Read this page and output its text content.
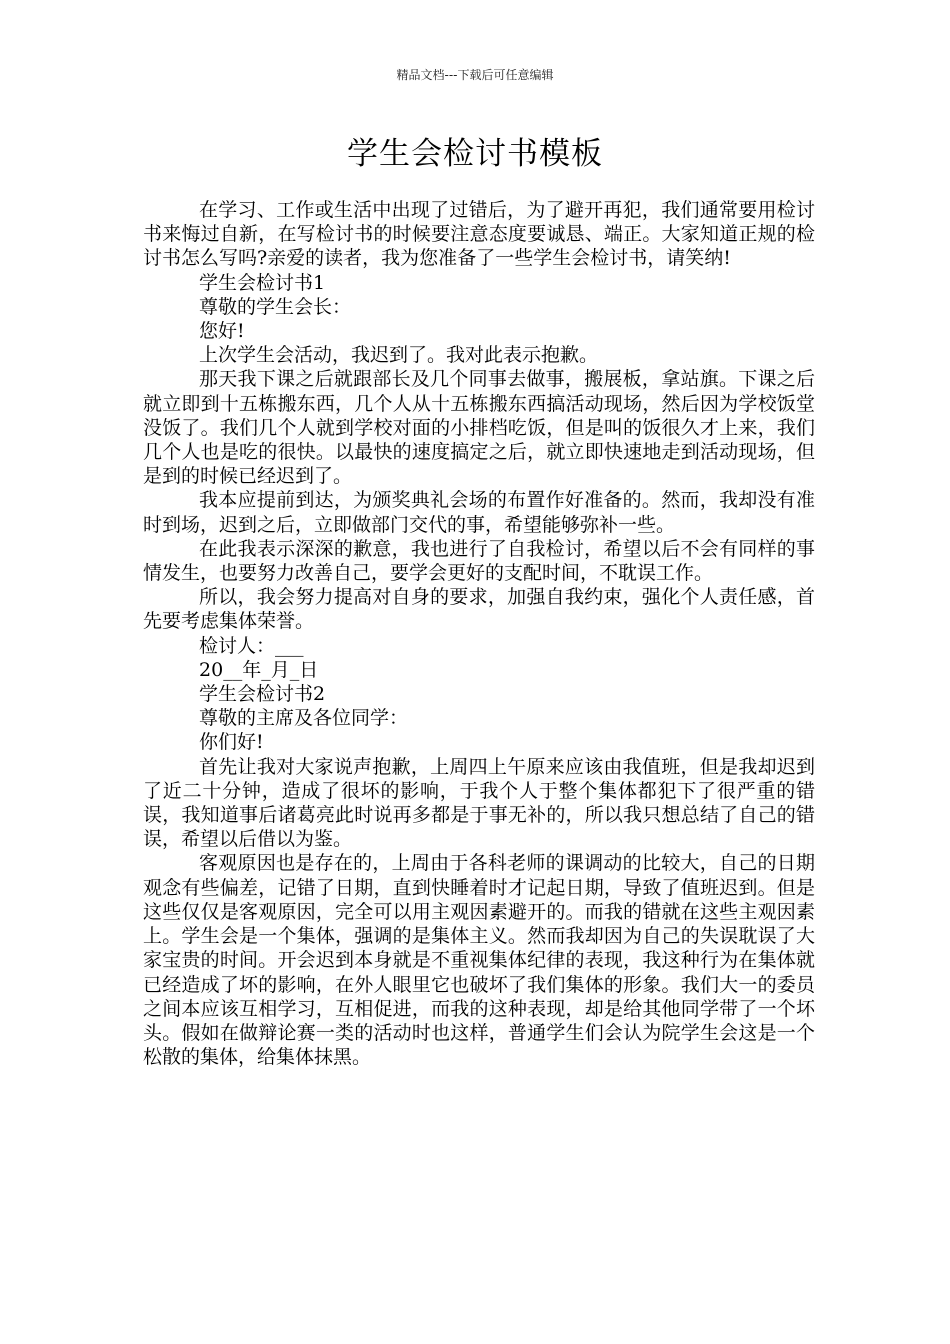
精品文档---下载后可任意编辑
学生会检讨书模板

在学习、工作或生活中出现了过错后，为了避开再犯，我们通常要用检讨书来悔过自新，在写检讨书的时候要注意态度要诚恳、端正。大家知道正规的检讨书怎么写吗?亲爱的读者，我为您准备了一些学生会检讨书，请笑纳!

学生会检讨书1

尊敬的学生会长：

您好!

上次学生会活动，我迟到了。我对此表示抱歉。

那天我下课之后就跟部长及几个同事去做事，搬展板，拿站旗。下课之后就立即到十五栋搬东西，几个人从十五栋搬东西搞活动现场，然后因为学校饭堂没饭了。我们几个人就到学校对面的小排档吃饭，但是叫的饭很久才上来，我们几个人也是吃的很快。以最快的速度搞定之后，就立即快速地走到活动现场，但是到的时候已经迟到了。

我本应提前到达，为颁奖典礼会场的布置作好准备的。然而，我却没有准时到场，迟到之后，立即做部门交代的事，希望能够弥补一些。

在此我表示深深的歉意，我也进行了自我检讨，希望以后不会有同样的事情发生，也要努力改善自己，要学会更好的支配时间，不耽误工作。

所以，我会努力提高对自身的要求，加强自我约束，强化个人责任感，首先要考虑集体荣誉。

检讨人：___

20__年_月_日

学生会检讨书2

尊敬的主席及各位同学：

你们好!

首先让我对大家说声抱歉，上周四上午原来应该由我值班，但是我却迟到了近二十分钟，造成了很坏的影响，于我个人于整个集体都犯下了很严重的错误，我知道事后诸葛亮此时说再多都是于事无补的，所以我只想总结了自己的错误，希望以后借以为鉴。

客观原因也是存在的，上周由于各科老师的课调动的比较大，自己的日期观念有些偏差，记错了日期，直到快睡着时才记起日期，导致了值班迟到。但是这些仅仅是客观原因，完全可以用主观因素避开的。而我的错就在这些主观因素上。学生会是一个集体，强调的是集体主义。然而我却因为自己的失误耽误了大家宝贵的时间。开会迟到本身就是不重视集体纪律的表现，我这种行为在集体就已经造成了坏的影响，在外人眼里它也破坏了我们集体的形象。我们大一的委员之间本应该互相学习，互相促进，而我的这种表现，却是给其他同学带了一个坏头。假如在做辩论赛一类的活动时也这样，普通学生们会认为院学生会这是一个松散的集体，给集体抹黑。
